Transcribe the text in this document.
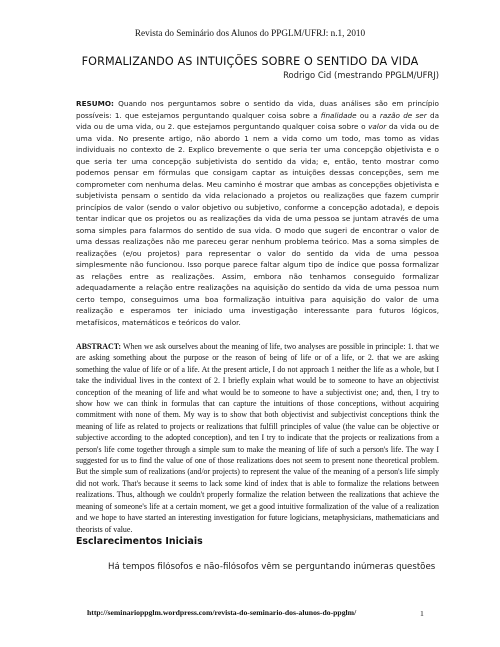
Revista do Seminário dos Alunos do PPGLM/UFRJ: n.1, 2010
FORMALIZANDO AS INTUIÇÕES SOBRE O SENTIDO DA VIDA
Rodrigo Cid (mestrando PPGLM/UFRJ)
RESUMO: Quando nos perguntamos sobre o sentido da vida, duas análises são em princípio possíveis: 1. que estejamos perguntando qualquer coisa sobre a finalidade ou a razão de ser da vida ou de uma vida, ou 2. que estejamos perguntando qualquer coisa sobre o valor da vida ou de uma vida. No presente artigo, não abordo 1 nem a vida como um todo, mas tomo as vidas individuais no contexto de 2. Explico brevemente o que seria ter uma concepção objetivista e o que seria ter uma concepção subjetivista do sentido da vida; e, então, tento mostrar como podemos pensar em fórmulas que consigam captar as intuições dessas concepções, sem me comprometer com nenhuma delas. Meu caminho é mostrar que ambas as concepções objetivista e subjetivista pensam o sentido da vida relacionado a projetos ou realizações que fazem cumprir princípios de valor (sendo o valor objetivo ou subjetivo, conforme a concepção adotada), e depois tentar indicar que os projetos ou as realizações da vida de uma pessoa se juntam através de uma soma simples para falarmos do sentido de sua vida. O modo que sugeri de encontrar o valor de uma dessas realizações não me pareceu gerar nenhum problema teórico. Mas a soma simples de realizações (e/ou projetos) para representar o valor do sentido da vida de uma pessoa simplesmente não funcionou. Isso porque parece faltar algum tipo de índice que possa formalizar as relações entre as realizações. Assim, embora não tenhamos conseguido formalizar adequadamente a relação entre realizações na aquisição do sentido da vida de uma pessoa num certo tempo, conseguimos uma boa formalização intuitiva para aquisição do valor de uma realização e esperamos ter iniciado uma investigação interessante para futuros lógicos, metafísicos, matemáticos e teóricos do valor.
ABSTRACT: When we ask ourselves about the meaning of life, two analyses are possible in principle: 1. that we are asking something about the purpose or the reason of being of life or of a life, or 2. that we are asking something the value of life or of a life. At the present article, I do not approach 1 neither the life as a whole, but I take the individual lives in the context of 2. I briefly explain what would be to someone to have an objectivist conception of the meaning of life and what would be to someone to have a subjectivist one; and, then, I try to show how we can think in formulas that can capture the intuitions of those conceptions, without acquiring commitment with none of them. My way is to show that both objectivist and subjectivist conceptions think the meaning of life as related to projects or realizations that fulfill principles of value (the value can be objective or subjective according to the adopted conception), and ten I try to indicate that the projects or realizations from a person's life come together through a simple sum to make the meaning of life of such a person's life. The way I suggested for us to find the value of one of those realizations does not seem to present none theoretical problem. But the simple sum of realizations (and/or projects) to represent the value of the meaning of a person's life simply did not work. That's because it seems to lack some kind of index that is able to formalize the relations between realizations. Thus, although we couldn't properly formalize the relation between the realizations that achieve the meaning of someone's life at a certain moment, we get a good intuitive formalization of the value of a realization and we hope to have started an interesting investigation for future logicians, metaphysicians, mathematicians and theorists of value.
Esclarecimentos Iniciais
Há tempos filósofos e não-filósofos vêm se perguntando inúmeras questões
http://seminarioppglm.wordpress.com/revista-do-seminario-dos-alunos-do-ppglm/	1
